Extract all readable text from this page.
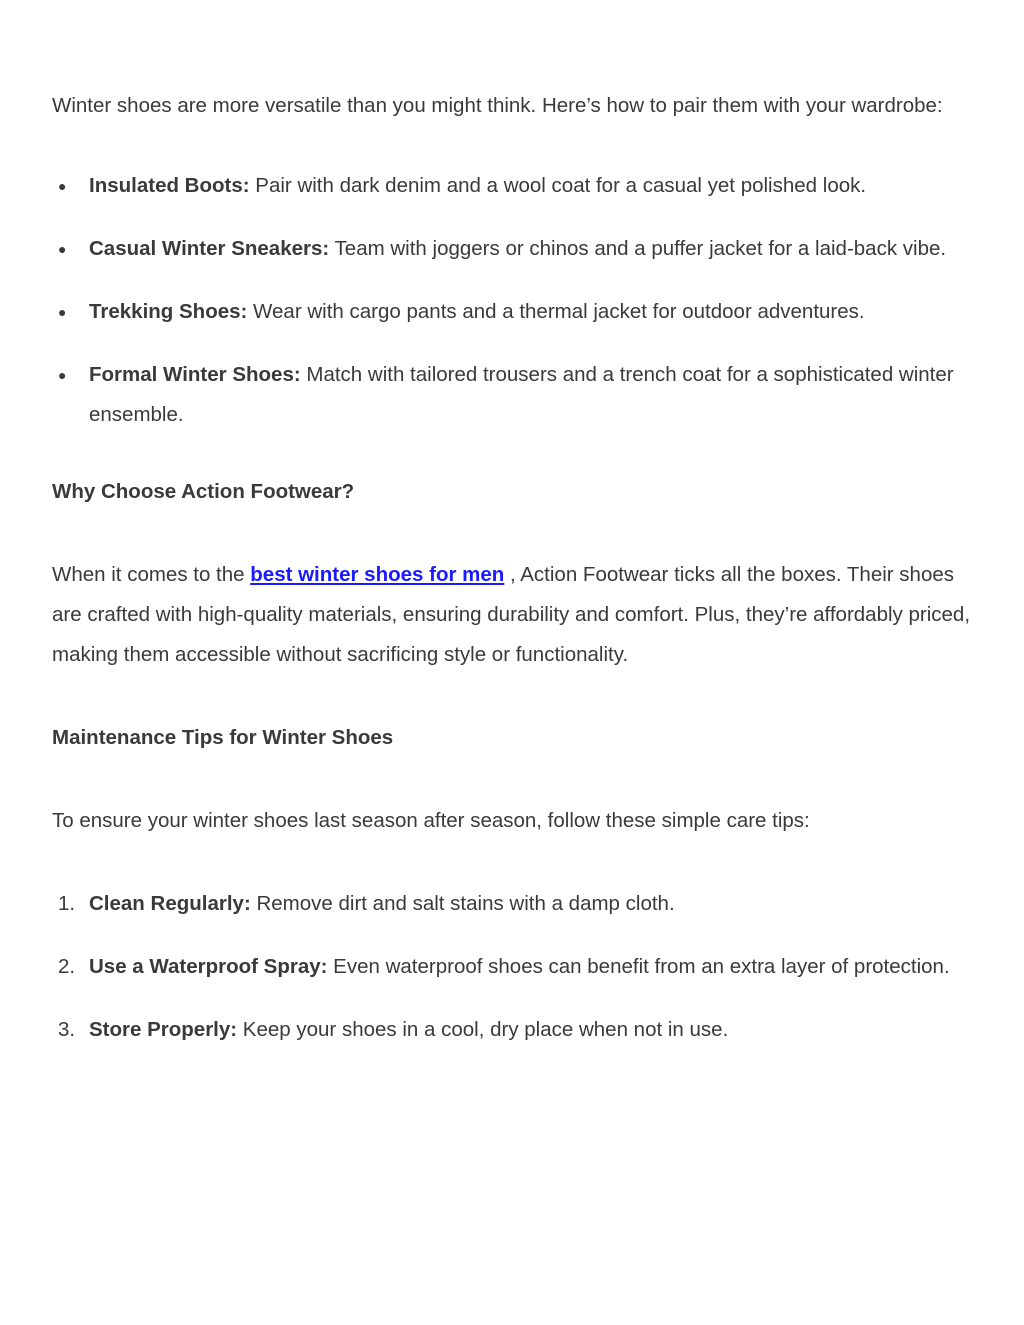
Winter shoes are more versatile than you might think. Here’s how to pair them with your wardrobe:

● Insulated Boots: Pair with dark denim and a wool coat for a casual yet polished look.
● Casual Winter Sneakers: Team with joggers or chinos and a puffer jacket for a laid-back vibe.
● Trekking Shoes: Wear with cargo pants and a thermal jacket for outdoor adventures.
● Formal Winter Shoes: Match with tailored trousers and a trench coat for a sophisticated winter ensemble.
Why Choose Action Footwear?

When it comes to the best winter shoes for men , Action Footwear ticks all the boxes. Their shoes are crafted with high-quality materials, ensuring durability and comfort. Plus, they’re affordably priced, making them accessible without sacrificing style or functionality.

Maintenance Tips for Winter Shoes

To ensure your winter shoes last season after season, follow these simple care tips:

1. Clean Regularly: Remove dirt and salt stains with a damp cloth.
2. Use a Waterproof Spray: Even waterproof shoes can benefit from an extra layer of protection.
3. Store Properly: Keep your shoes in a cool, dry place when not in use.
